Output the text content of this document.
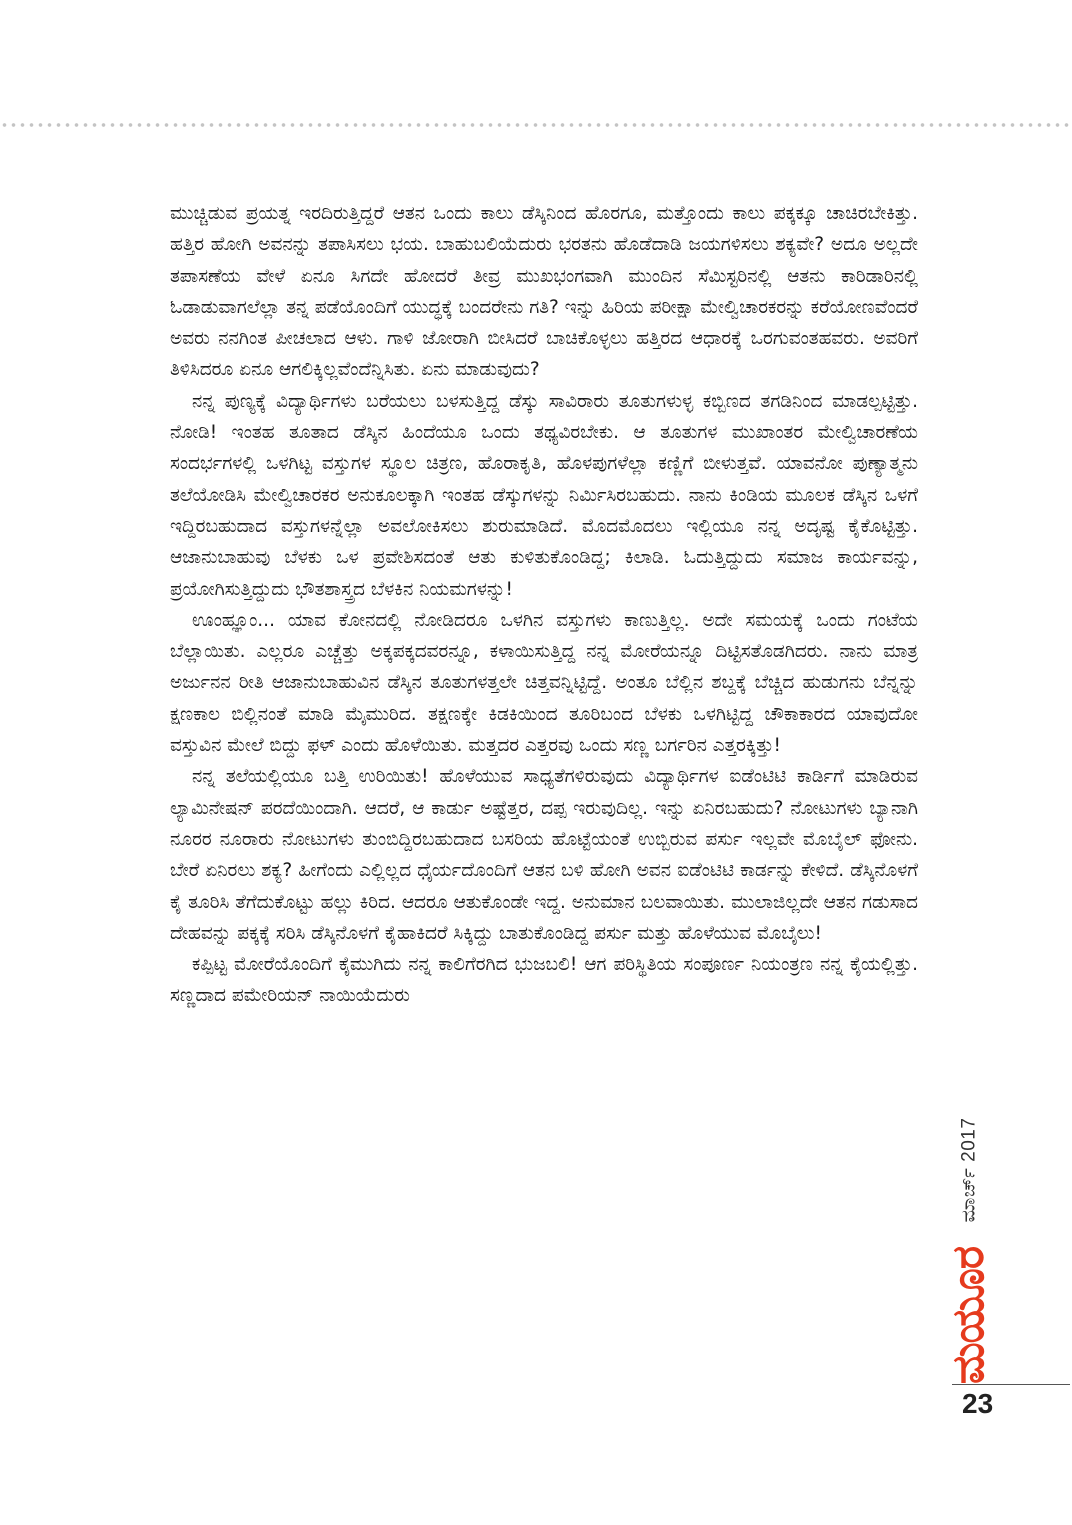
ಮುಚ್ಚಿಡುವ ಪ್ರಯತ್ನ ಇರದಿರುತ್ತಿದ್ದರೆ ಆತನ ಒಂದು ಕಾಲು ಡೆಸ್ಕಿನಿಂದ ಹೊರಗೂ, ಮತ್ತೊಂದು ಕಾಲು ಪಕ್ಕಕ್ಕೂ ಚಾಚಿರಬೇಕಿತ್ತು. ಹತ್ತಿರ ಹೋಗಿ ಅವನನ್ನು ತಪಾಸಿಸಲು ಭಯ. ಬಾಹುಬಲಿಯೆದುರು ಭರತನು ಹೊಡೆದಾಡಿ ಜಯಗಳಿಸಲು ಶಕ್ಯವೇ? ಅದೂ ಅಲ್ಲದೇ ತಪಾಸಣೆಯ ವೇಳೆ ಏನೂ ಸಿಗದೇ ಹೋದರೆ ತೀವ್ರ ಮುಖಭಂಗವಾಗಿ ಮುಂದಿನ ಸೆಮಿಸ್ಟರಿನಲ್ಲಿ ಆತನು ಕಾರಿಡಾರಿನಲ್ಲಿ ಓಡಾಡುವಾಗಲೆಲ್ಲಾ ತನ್ನ ಪಡೆಯೊಂದಿಗೆ ಯುದ್ಧಕ್ಕೆ ಬಂದರೇನು ಗತಿ? ಇನ್ನು ಹಿರಿಯ ಪರೀಕ್ಷಾ ಮೇಲ್ವಿಚಾರಕರನ್ನು ಕರೆಯೋಣವೆಂದರೆ ಅವರು ನನಗಿಂತ ಪೀಚಲಾದ ಆಳು. ಗಾಳಿ ಜೋರಾಗಿ ಬೀಸಿದರೆ ಬಾಚಿಕೊಳ್ಳಲು ಹತ್ತಿರದ ಆಧಾರಕ್ಕೆ ಒರಗುವಂತಹವರು. ಅವರಿಗೆ ತಿಳಿಸಿದರೂ ಏನೂ ಆಗಲಿಕ್ಕಿಲ್ಲವೆಂದೆನ್ನಿಸಿತು. ಏನು ಮಾಡುವುದು?

ನನ್ನ ಪುಣ್ಯಕ್ಕೆ ವಿದ್ಯಾರ್ಥಿಗಳು ಬರೆಯಲು ಬಳಸುತ್ತಿದ್ದ ಡೆಸ್ಕು ಸಾವಿರಾರು ತೂತುಗಳುಳ್ಳ ಕಬ್ಬಿಣದ ತಗಡಿನಿಂದ ಮಾಡಲ್ಪಟ್ಟಿತ್ತು. ನೋಡಿ! ಇಂತಹ ತೂತಾದ ಡೆಸ್ಕಿನ ಹಿಂದೆಯೂ ಒಂದು ತಥ್ಯವಿರಬೇಕು. ಆ ತೂತುಗಳ ಮುಖಾಂತರ ಮೇಲ್ವಿಚಾರಣೆಯ ಸಂದರ್ಭಗಳಲ್ಲಿ ಒಳಗಿಟ್ಟ ವಸ್ತುಗಳ ಸ್ಥೂಲ ಚಿತ್ರಣ, ಹೊರಾಕೃತಿ, ಹೊಳಪುಗಳೆಲ್ಲಾ ಕಣ್ಣಿಗೆ ಬೀಳುತ್ತವೆ. ಯಾವನೋ ಪುಣ್ಯಾತ್ಮನು ತಲೆಯೋಡಿಸಿ ಮೇಲ್ವಿಚಾರಕರ ಅನುಕೂಲಕ್ಕಾಗಿ ಇಂತಹ ಡೆಸ್ಕುಗಳನ್ನು ನಿರ್ಮಿಸಿರಬಹುದು. ನಾನು ಕಿಂಡಿಯ ಮೂಲಕ ಡೆಸ್ಕಿನ ಒಳಗೆ ಇದ್ದಿರಬಹುದಾದ ವಸ್ತುಗಳನ್ನೆಲ್ಲಾ ಅವಲೋಕಿಸಲು ಶುರುಮಾಡಿದೆ. ಮೊದಮೊದಲು ಇಲ್ಲಿಯೂ ನನ್ನ ಅದೃಷ್ಟ ಕೈಕೊಟ್ಟಿತ್ತು. ಆಜಾನುಬಾಹುವು ಬೆಳಕು ಒಳ ಪ್ರವೇಶಿಸದಂತೆ ಆತು ಕುಳಿತುಕೊಂಡಿದ್ದ; ಕಿಲಾಡಿ. ಓದುತ್ತಿದ್ದುದು ಸಮಾಜ ಕಾರ್ಯವನ್ನು, ಪ್ರಯೋಗಿಸುತ್ತಿದ್ದುದು ಭೌತಶಾಸ್ತ್ರದ ಬೆಳಕಿನ ನಿಯಮಗಳನ್ನು!

ಊಂಹ್ಞೂಂ... ಯಾವ ಕೋನದಲ್ಲಿ ನೋಡಿದರೂ ಒಳಗಿನ ವಸ್ತುಗಳು ಕಾಣುತ್ತಿಲ್ಲ. ಅದೇ ಸಮಯಕ್ಕೆ ಒಂದು ಗಂಟೆಯ ಬೆಲ್ಲಾಯಿತು. ಎಲ್ಲರೂ ಎಚ್ಚೆತ್ತು ಅಕ್ಕಪಕ್ಕದವರನ್ನೂ, ಕಳಾಯಿಸುತ್ತಿದ್ದ ನನ್ನ ಮೋರೆಯನ್ನೂ ದಿಟ್ಟಿಸತೊಡಗಿದರು. ನಾನು ಮಾತ್ರ ಅರ್ಜುನನ ರೀತಿ ಆಜಾನುಬಾಹುವಿನ ಡೆಸ್ಕಿನ ತೂತುಗಳತ್ತಲೇ ಚಿತ್ತವನ್ನಿಟ್ಟಿದ್ದೆ. ಅಂತೂ ಬೆಲ್ಲಿನ ಶಬ್ದಕ್ಕೆ ಬೆಚ್ಚಿದ ಹುಡುಗನು ಬೆನ್ನನ್ನು ಕ್ಷಣಕಾಲ ಬಿಲ್ಲಿನಂತೆ ಮಾಡಿ ಮೈಮುರಿದ. ತಕ್ಷಣಕ್ಕೇ ಕಿಡಕಿಯಿಂದ ತೂರಿಬಂದ ಬೆಳಕು ಒಳಗಿಟ್ಟಿದ್ದ ಚೌಕಾಕಾರದ ಯಾವುದೋ ವಸ್ತುವಿನ ಮೇಲೆ ಬಿದ್ದು ಫಳ್ ಎಂದು ಹೊಳೆಯಿತು. ಮತ್ತದರ ಎತ್ತರವು ಒಂದು ಸಣ್ಣ ಬರ್ಗರಿನ ಎತ್ತರಕ್ಕಿತ್ತು!

ನನ್ನ ತಲೆಯಲ್ಲಿಯೂ ಬತ್ತಿ ಉರಿಯಿತು! ಹೊಳೆಯುವ ಸಾಧ್ಯತೆಗಳಿರುವುದು ವಿದ್ಯಾರ್ಥಿಗಳ ಐಡೆಂಟಿಟಿ ಕಾರ್ಡಿಗೆ ಮಾಡಿರುವ ಲ್ಯಾಮಿನೇಷನ್ ಪರದೆಯಿಂದಾಗಿ. ಆದರೆ, ಆ ಕಾರ್ಡು ಅಷ್ಟೆತ್ತರ, ದಪ್ಪ ಇರುವುದಿಲ್ಲ. ಇನ್ನು ಏನಿರಬಹುದು? ನೋಟುಗಳು ಬ್ಯಾನಾಗಿ ನೂರರ ನೂರಾರು ನೋಟುಗಳು ತುಂಬಿದ್ದಿರಬಹುದಾದ ಬಸರಿಯ ಹೊಟ್ಟೆಯಂತೆ ಉಬ್ಬಿರುವ ಪರ್ಸು ಇಲ್ಲವೇ ಮೊಬೈಲ್ ಫೋನು. ಬೇರೆ ಏನಿರಲು ಶಕ್ಯ? ಹೀಗೆಂದು ಎಲ್ಲಿಲ್ಲದ ಧೈರ್ಯದೊಂದಿಗೆ ಆತನ ಬಳಿ ಹೋಗಿ ಅವನ ಐಡೆಂಟಿಟಿ ಕಾರ್ಡನ್ನು ಕೇಳಿದೆ. ಡೆಸ್ಕಿನೊಳಗೆ ಕೈ ತೂರಿಸಿ ತೆಗೆದುಕೊಟ್ಟು ಹಲ್ಲು ಕಿರಿದ. ಆದರೂ ಆತುಕೊಂಡೇ ಇದ್ದ. ಅನುಮಾನ ಬಲವಾಯಿತು. ಮುಲಾಜಿಲ್ಲದೇ ಆತನ ಗಡುಸಾದ ದೇಹವನ್ನು ಪಕ್ಕಕ್ಕೆ ಸರಿಸಿ ಡೆಸ್ಕಿನೊಳಗೆ ಕೈಹಾಕಿದರೆ ಸಿಕ್ಕಿದ್ದು ಬಾತುಕೊಂಡಿದ್ದ ಪರ್ಸು ಮತ್ತು ಹೊಳೆಯುವ ಮೊಬೈಲು!

ಕಪ್ಪಿಟ್ಟ ಮೋರೆಯೊಂದಿಗೆ ಕೈಮುಗಿದು ನನ್ನ ಕಾಲಿಗೆರಗಿದ ಭುಜಬಲಿ! ಆಗ ಪರಿಸ್ಥಿತಿಯ ಸಂಪೂರ್ಣ ನಿಯಂತ್ರಣ ನನ್ನ ಕೈಯಲ್ಲಿತ್ತು. ಸಣ್ಣದಾದ ಪಮೇರಿಯನ್ ನಾಯಿಯೆದುರು

ಮಾರ್ಚ್ 2017
ಮಯೂರ
23
